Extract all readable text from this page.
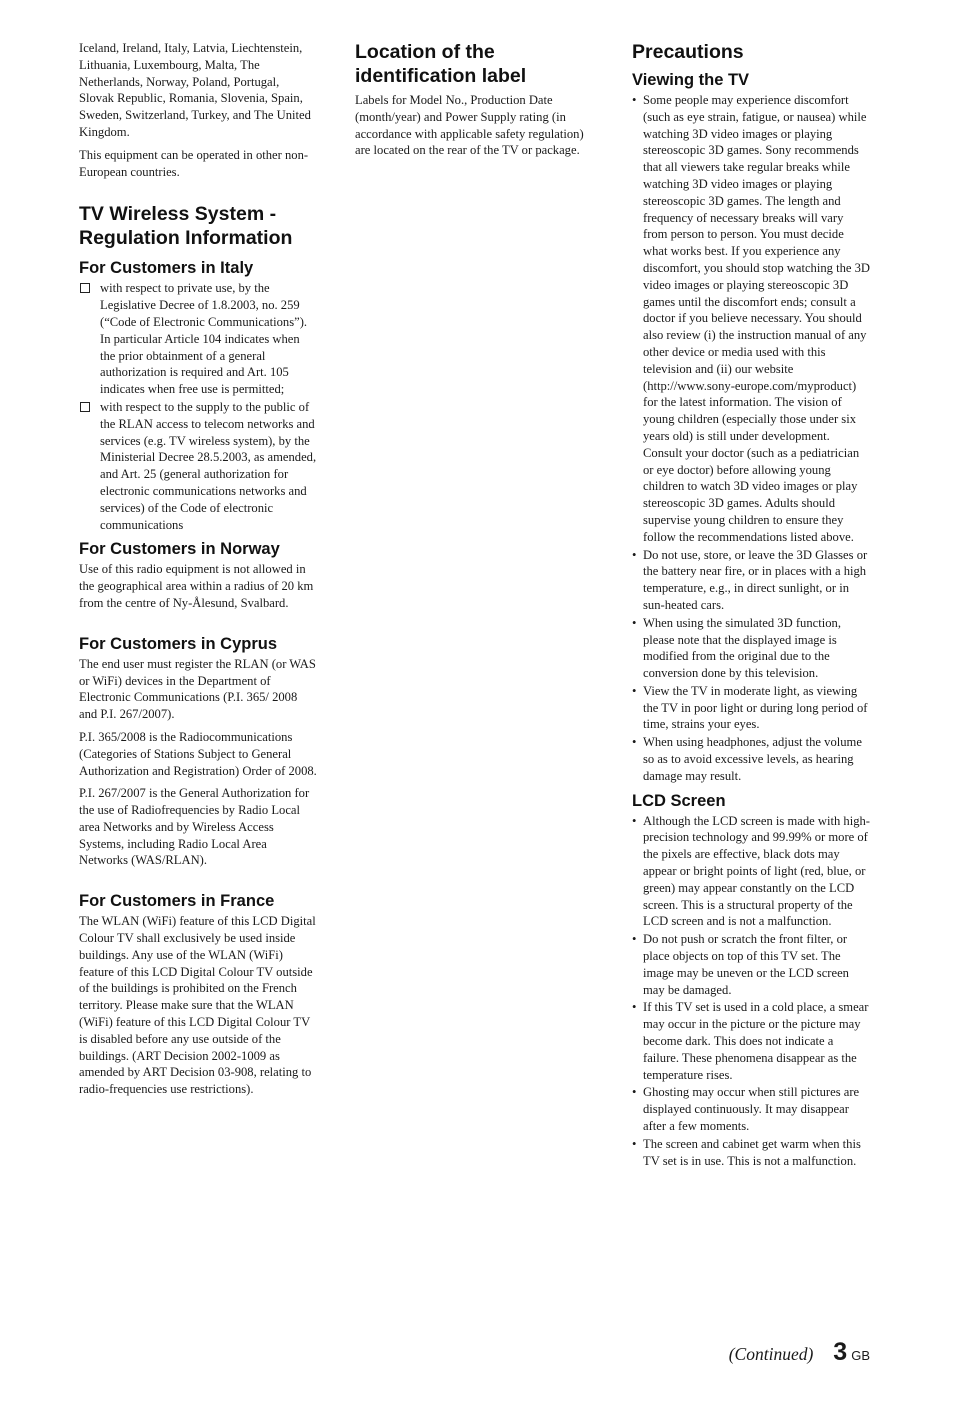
Iceland, Ireland, Italy, Latvia, Liechtenstein, Lithuania, Luxembourg, Malta, The Netherlands, Norway, Poland, Portugal, Slovak Republic, Romania, Slovenia, Spain, Sweden, Switzerland, Turkey, and The United Kingdom.

This equipment can be operated in other non-European countries.

TV Wireless System - Regulation Information
For Customers in Italy
with respect to private use, by the Legislative Decree of 1.8.2003, no. 259 (“Code of Electronic Communications”). In particular Article 104 indicates when the prior obtainment of a general authorization is required and Art. 105 indicates when free use is permitted;
with respect to the supply to the public of the RLAN access to telecom networks and services (e.g. TV wireless system), by the Ministerial Decree 28.5.2003, as amended, and Art. 25 (general authorization for electronic communications networks and services) of the Code of electronic communications
For Customers in Norway

Use of this radio equipment is not allowed in the geographical area within a radius of 20 km from the centre of Ny-Ålesund, Svalbard.

For Customers in Cyprus

The end user must register the RLAN (or WAS or WiFi) devices in the Department of Electronic Communications (P.I. 365/ 2008 and P.I. 267/2007).

P.I. 365/2008 is the Radiocommunications (Categories of Stations Subject to General Authorization and Registration) Order of 2008.

P.I. 267/2007 is the General Authorization for the use of Radiofrequencies by Radio Local area Networks and by Wireless Access Systems, including Radio Local Area Networks (WAS/RLAN).

For Customers in France

The WLAN (WiFi) feature of this LCD Digital Colour TV shall exclusively be used inside buildings. Any use of the WLAN (WiFi) feature of this LCD Digital Colour TV outside of the buildings is prohibited on the French territory. Please make sure that the WLAN (WiFi) feature of this LCD Digital Colour TV is disabled before any use outside of the buildings. (ART Decision 2002-1009 as amended by ART Decision 03-908, relating to radio-frequencies use restrictions).

Location of the identification label

Labels for Model No., Production Date (month/year) and Power Supply rating (in accordance with applicable safety regulation) are located on the rear of the TV or package.

Precautions
Viewing the TV
• Some people may experience discomfort (such as eye strain, fatigue, or nausea) while watching 3D video images or playing stereoscopic 3D games. Sony recommends that all viewers take regular breaks while watching 3D video images or playing stereoscopic 3D games. The length and frequency of necessary breaks will vary from person to person. You must decide what works best. If you experience any discomfort, you should stop watching the 3D video images or playing stereoscopic 3D games until the discomfort ends; consult a doctor if you believe necessary. You should also review (i) the instruction manual of any other device or media used with this television and (ii) our website (http://www.sony-europe.com/myproduct) for the latest information. The vision of young children (especially those under six years old) is still under development. Consult your doctor (such as a pediatrician or eye doctor) before allowing young children to watch 3D video images or play stereoscopic 3D games. Adults should supervise young children to ensure they follow the recommendations listed above.
• Do not use, store, or leave the 3D Glasses or the battery near fire, or in places with a high temperature, e.g., in direct sunlight, or in sun-heated cars.
• When using the simulated 3D function, please note that the displayed image is modified from the original due to the conversion done by this television.
• View the TV in moderate light, as viewing the TV in poor light or during long period of time, strains your eyes.
• When using headphones, adjust the volume so as to avoid excessive levels, as hearing damage may result.
LCD Screen
• Although the LCD screen is made with high-precision technology and 99.99% or more of the pixels are effective, black dots may appear or bright points of light (red, blue, or green) may appear constantly on the LCD screen. This is a structural property of the LCD screen and is not a malfunction.
• Do not push or scratch the front filter, or place objects on top of this TV set. The image may be uneven or the LCD screen may be damaged.
• If this TV set is used in a cold place, a smear may occur in the picture or the picture may become dark. This does not indicate a failure. These phenomena disappear as the temperature rises.
• Ghosting may occur when still pictures are displayed continuously. It may disappear after a few moments.
• The screen and cabinet get warm when this TV set is in use. This is not a malfunction.
(Continued) 3 GB
